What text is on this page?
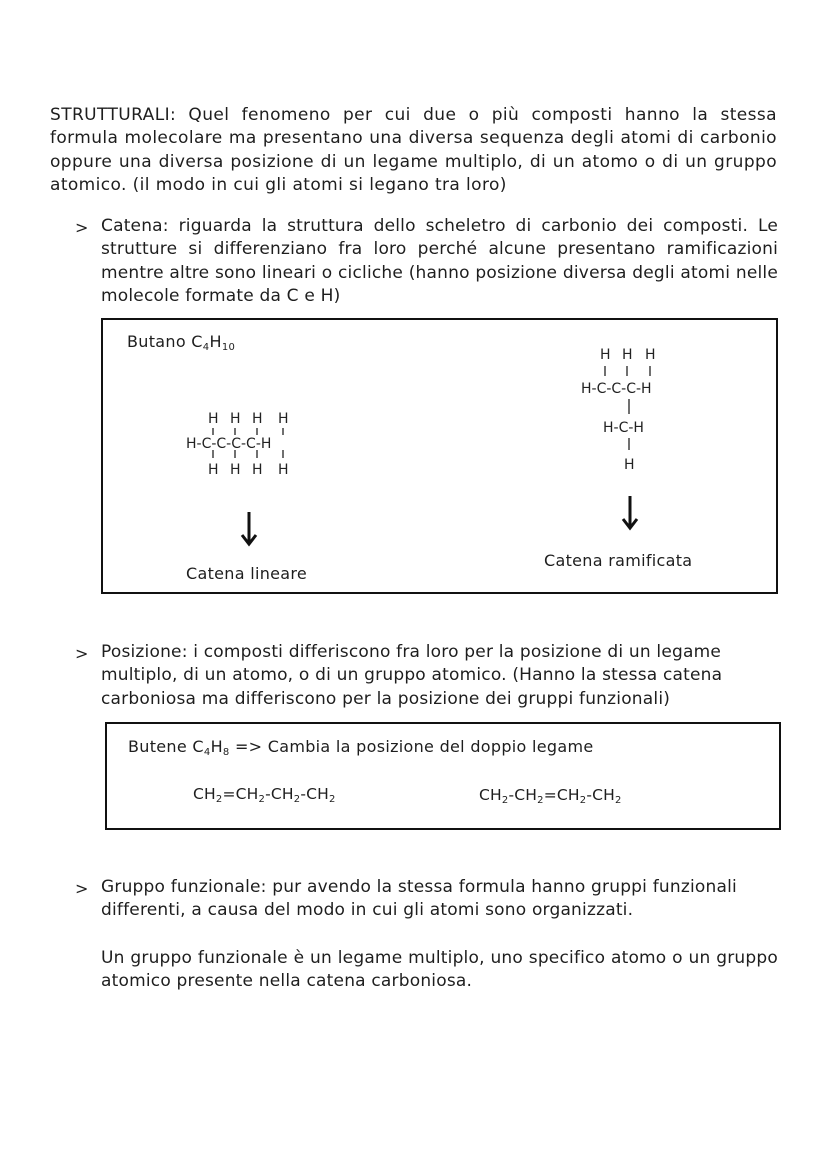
STRUTTURALI: Quel fenomeno per cui due o più composti hanno la stessa formula molecolare ma presentano una diversa sequenza degli atomi di carbonio oppure una diversa posizione di un legame multiplo, di un atomo o di un gruppo atomico. (il modo in cui gli atomi si legano tra loro)

> Catena: riguarda la struttura dello scheletro di carbonio dei composti. Le strutture si differenziano fra loro perché alcune presentano ramificazioni mentre altre sono lineari o cicliche (hanno posizione diversa degli atomi nelle molecole formate da C e H)

Butano $C_4H_{10}$
H H H H
H-C-C-C-C-H
H H H H
H H H
H-C-C-C-H
H-C-H
H
Catena lineare
Catena ramificata
> Posizione: i composti differiscono fra loro per la posizione di un legame multiplo, di un atomo, o di un gruppo atomico. (Hanno la stessa catena carboniosa ma differiscono per la posizione dei gruppi funzionali)

Butene $C_4H_8$ => Cambia la posizione del doppio legame
$CH_2=CH_2-CH_2-CH_2$	$CH_2-CH_2=CH_2-CH_2$
> Gruppo funzionale: pur avendo la stessa formula hanno gruppi funzionali differenti, a causa del modo in cui gli atomi sono organizzati.

Un gruppo funzionale è un legame multiplo, uno specifico atomo o un gruppo atomico presente nella catena carboniosa.
